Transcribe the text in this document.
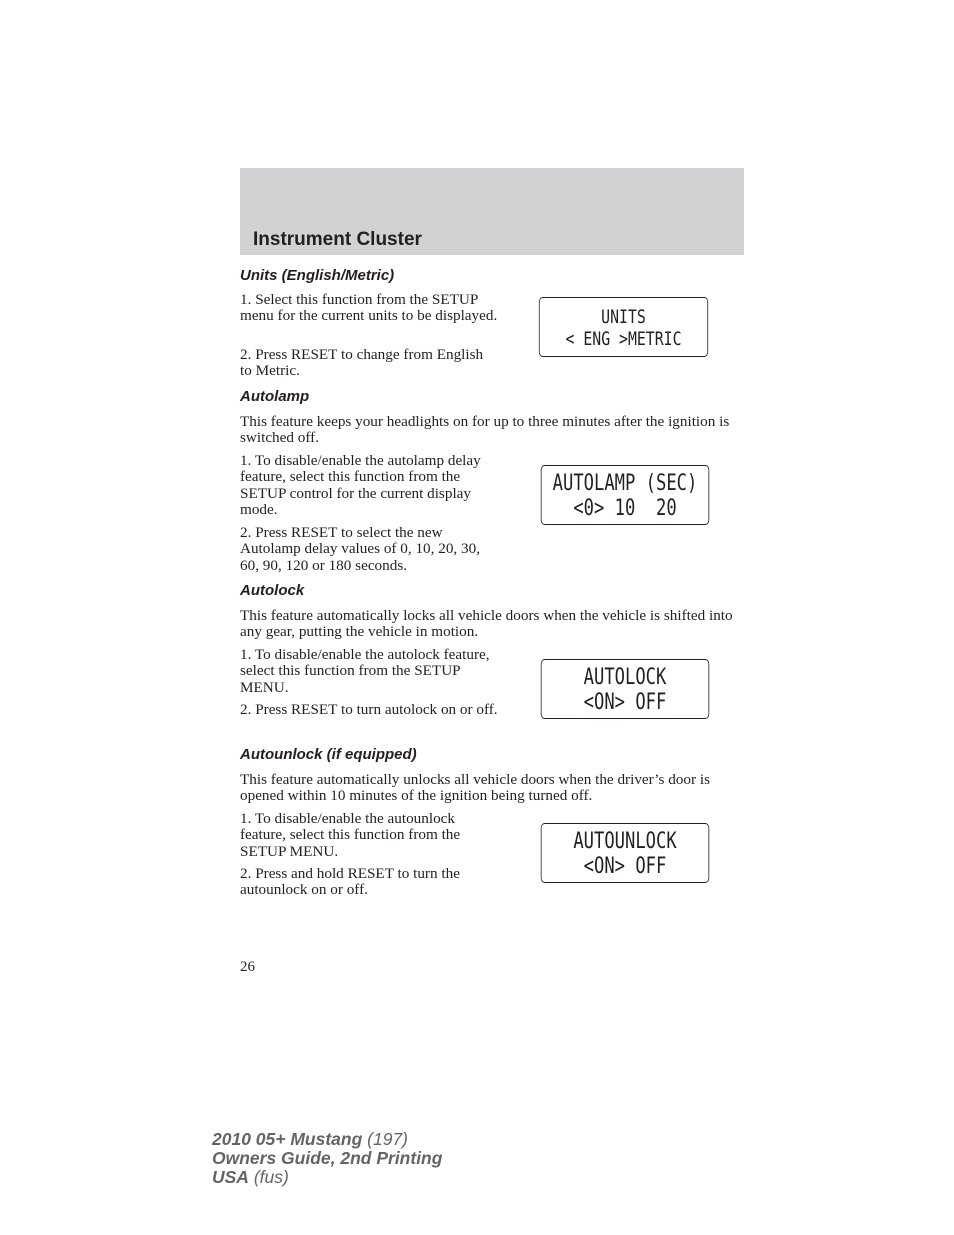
Instrument Cluster
Units (English/Metric)

1. Select this function from the SETUP menu for the current units to be displayed.

2. Press RESET to change from English to Metric.

UNITS
< ENG >METRIC
Autolamp

This feature keeps your headlights on for up to three minutes after the ignition is switched off.

1. To disable/enable the autolamp delay feature, select this function from the SETUP control for the current display mode.

2. Press RESET to select the new Autolamp delay values of 0, 10, 20, 30, 60, 90, 120 or 180 seconds.

AUTOLAMP (SEC)
<0> 10  20
Autolock

This feature automatically locks all vehicle doors when the vehicle is shifted into any gear, putting the vehicle in motion.

1. To disable/enable the autolock feature, select this function from the SETUP MENU.

2. Press RESET to turn autolock on or off.

AUTOLOCK
<ON> OFF
Autounlock (if equipped)

This feature automatically unlocks all vehicle doors when the driver’s door is opened within 10 minutes of the ignition being turned off.

1. To disable/enable the autounlock feature, select this function from the SETUP MENU.

2. Press and hold RESET to turn the autounlock on or off.

AUTOUNLOCK
<ON> OFF

26

2010 05+ Mustang (197)
Owners Guide, 2nd Printing
USA (fus)
